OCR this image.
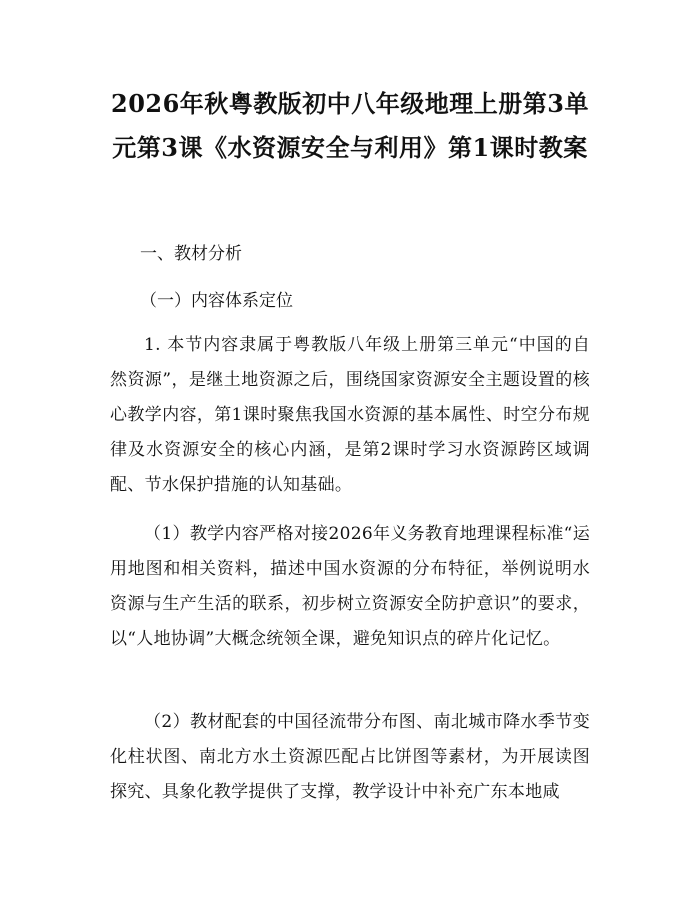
2026年秋粤教版初中八年级地理上册第3单元第3课《水资源安全与利用》第1课时教案

一、教材分析

（一）内容体系定位

1. 本节内容隶属于粤教版八年级上册第三单元“中国的自然资源”，是继土地资源之后，围绕国家资源安全主题设置的核心教学内容，第1课时聚焦我国水资源的基本属性、时空分布规律及水资源安全的核心内涵，是第2课时学习水资源跨区域调配、节水保护措施的认知基础。

（1）教学内容严格对接2026年义务教育地理课程标准“运用地图和相关资料，描述中国水资源的分布特征，举例说明水资源与生产生活的联系，初步树立资源安全防护意识”的要求，以“人地协调”大概念统领全课，避免知识点的碎片化记忆。

（2）教材配套的中国径流带分布图、南北城市降水季节变化柱状图、南北方水土资源匹配占比饼图等素材，为开展读图探究、具象化教学提供了支撑，教学设计中补充广东本地咸
